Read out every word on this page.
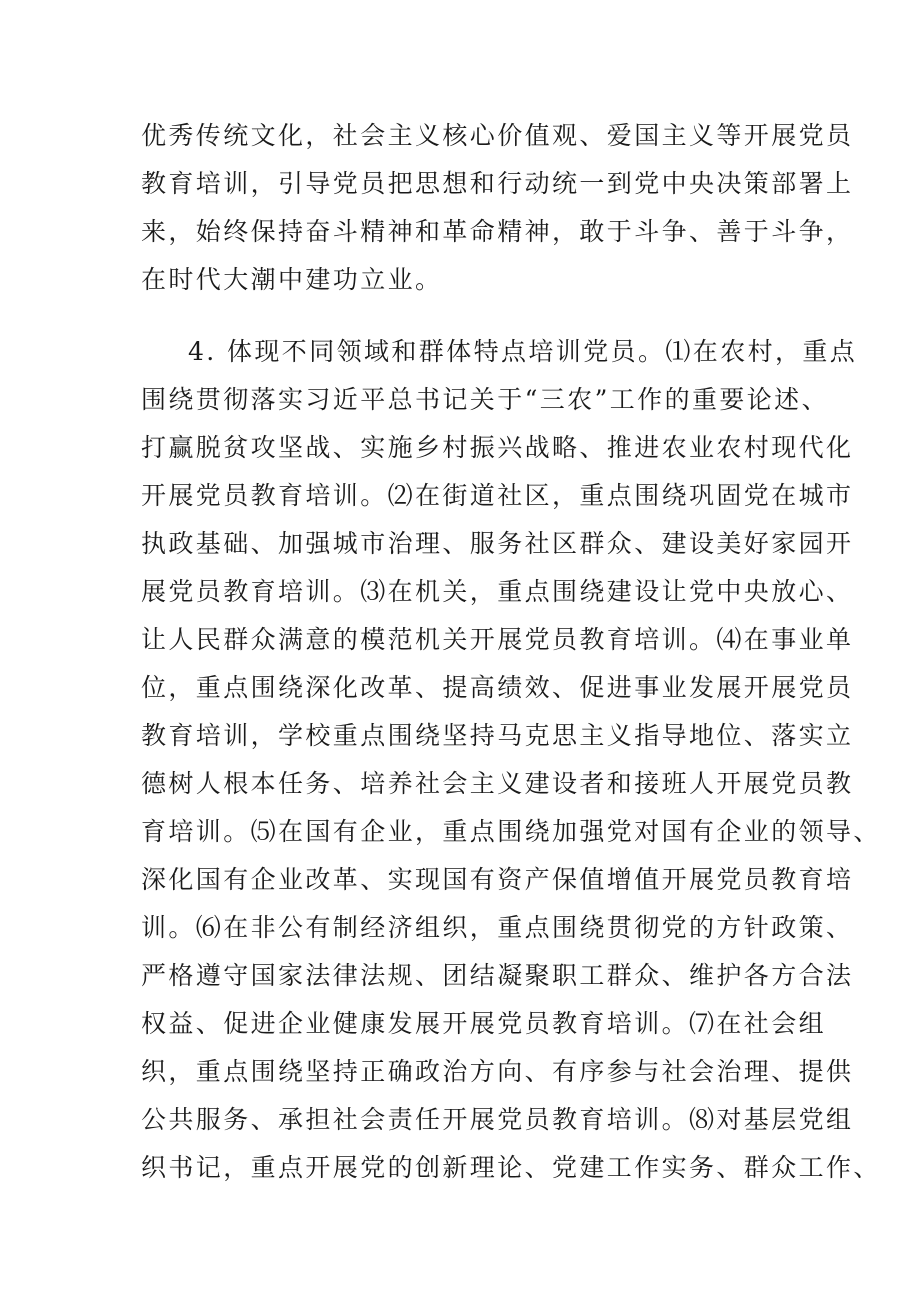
优秀传统文化，社会主义核心价值观、爱国主义等开展党员
教育培训，引导党员把思想和行动统一到党中央决策部署上
来，始终保持奋斗精神和革命精神，敢于斗争、善于斗争，
在时代大潮中建功立业。
4. 体现不同领域和群体特点培训党员。⑴在农村，重点
围绕贯彻落实习近平总书记关于“三农”工作的重要论述、
打赢脱贫攻坚战、实施乡村振兴战略、推进农业农村现代化
开展党员教育培训。⑵在街道社区，重点围绕巩固党在城市
执政基础、加强城市治理、服务社区群众、建设美好家园开
展党员教育培训。⑶在机关，重点围绕建设让党中央放心、
让人民群众满意的模范机关开展党员教育培训。⑷在事业单
位，重点围绕深化改革、提高绩效、促进事业发展开展党员
教育培训，学校重点围绕坚持马克思主义指导地位、落实立
德树人根本任务、培养社会主义建设者和接班人开展党员教
育培训。⑸在国有企业，重点围绕加强党对国有企业的领导、
深化国有企业改革、实现国有资产保值增值开展党员教育培
训。⑹在非公有制经济组织，重点围绕贯彻党的方针政策、
严格遵守国家法律法规、团结凝聚职工群众、维护各方合法
权益、促进企业健康发展开展党员教育培训。⑺在社会组
织，重点围绕坚持正确政治方向、有序参与社会治理、提供
公共服务、承担社会责任开展党员教育培训。⑻对基层党组
织书记，重点开展党的创新理论、党建工作实务、群众工作、
